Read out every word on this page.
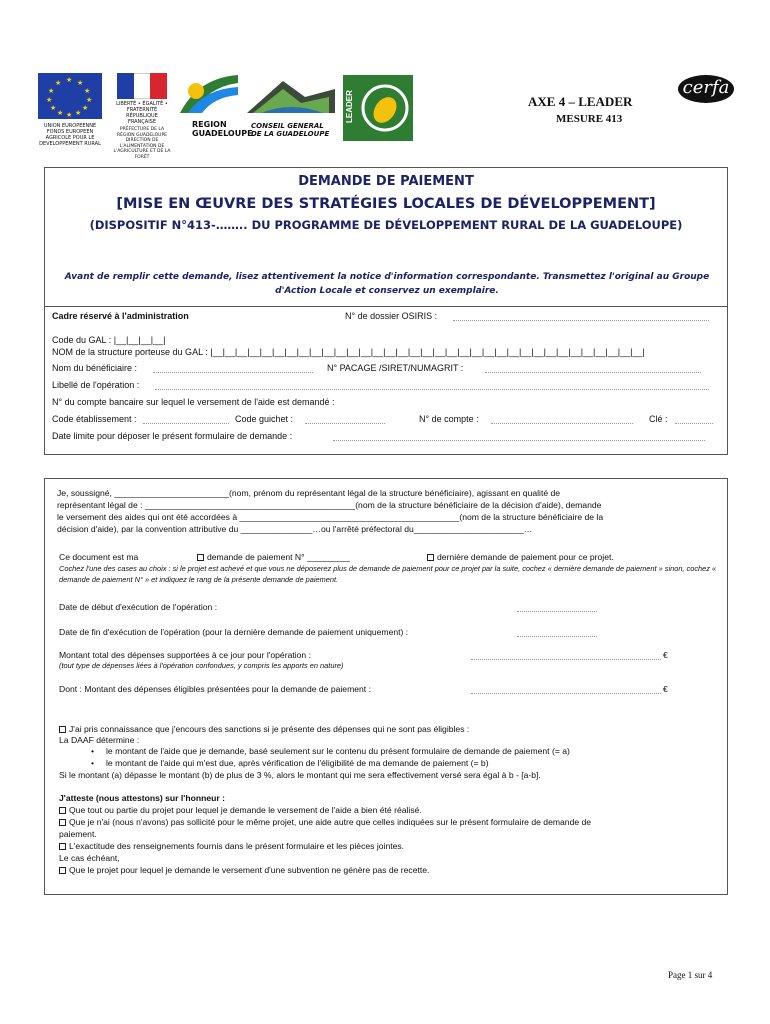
★ ★
★
★
★
★
★
★
★
★
★
★
UNION EUROPEENNE FONDS EUROPEEN AGRICOLE POUR LE DEVELOPPEMENT RURAL
LIBERTÉ • ÉGALITÉ • FRATERNITÉ RÉPUBLIQUE FRANÇAISE
PRÉFECTURE DE LA RÉGION GUADELOUPE DIRECTION DE L'ALIMENTATION DE L'AGRICULTURE ET DE LA FORÊT
REGION GUADELOUPE
CONSEIL GENERAL DE LA GUADELOUPE
LEADER	AXE 4 – LEADER
MESURE 413
cerfa
DEMANDE DE PAIEMENT
[MISE EN ŒUVRE DES STRATÉGIES LOCALES DE DÉVELOPPEMENT]
(DISPOSITIF N°413-…….. DU PROGRAMME DE DÉVELOPPEMENT RURAL DE LA GUADELOUPE)
Avant de remplir cette demande, lisez attentivement la notice d'information correspondante. Transmettez l'original au Groupe d'Action Locale et conservez un exemplaire.
Cadre réservé à l'administration	N° de dossier OSIRIS :
Code du GAL : |__|__|__|__|
NOM de la structure porteuse du GAL : |__|__|__|__|__|__|__|__|__|__|__|__|__|__|__|__|__|__|__|__|__|__|__|__|__|__|__|__|__|__|__|__|__|__|__|
Nom du bénéficiaire :	N° PACAGE /SIRET/NUMAGRIT :
Libellé de l'opération :
N° du compte bancaire sur lequel le versement de l'aide est demandé :
Code établissement :	Code guichet :	N° de compte :	Clé :
Date limite pour déposer le présent formulaire de demande :
Je, soussigné, ________________________(nom, prénom du représentant légal de la structure bénéficiaire), agissant en qualité de
représentant légal de : ____________________________________________(nom de la structure bénéficiaire de la décision d'aide), demande
le versement des aides qui ont été accordées à ______________________________________________(nom de la structure bénéficiaire de la
décision d'aide), par la convention attributive du _______________…ou l'arrêté préfectoral du_______________________…
Ce document est ma	demande de paiement N° _________	dernière demande de paiement pour ce projet.
Cochez l'une des cases au choix : si le projet est achevé et que vous ne déposerez plus de demande de paiement pour ce projet par la suite, cochez « dernière demande de paiement » sinon, cochez « demande de paiement N° » et indiquez le rang de la présente demande de paiement.
Date de début d'exécution de l'opération :
Date de fin d'exécution de l'opération (pour la dernière demande de paiement uniquement) :
Montant total des dépenses supportées à ce jour pour l'opération :	€
(tout type de dépenses liées à l'opération confondues, y compris les apports en nature)
Dont : Montant des dépenses éligibles présentées pour la demande de paiement :	€
J'ai pris connaissance que j'encours des sanctions si je présente des dépenses qui ne sont pas éligibles :
La DAAF détermine :
• le montant de l'aide que je demande, basé seulement sur le contenu du présent formulaire de demande de paiement (= a)
• le montant de l'aide qui m'est due, après vérification de l'éligibilité de ma demande de paiement (= b)
Si le montant (a) dépasse le montant (b) de plus de 3 %, alors le montant qui me sera effectivement versé sera égal à b - [a-b].
J'atteste (nous attestons) sur l'honneur :
Que tout ou partie du projet pour lequel je demande le versement de l'aide a bien été réalisé.
Que je n'ai (nous n'avons) pas sollicité pour le même projet, une aide autre que celles indiquées sur le présent formulaire de demande de
paiement.
L'exactitude des renseignements fournis dans le présent formulaire et les pièces jointes.
Le cas échéant,
Que le projet pour lequel je demande le versement d'une subvention ne génère pas de recette.
Page 1 sur 4
